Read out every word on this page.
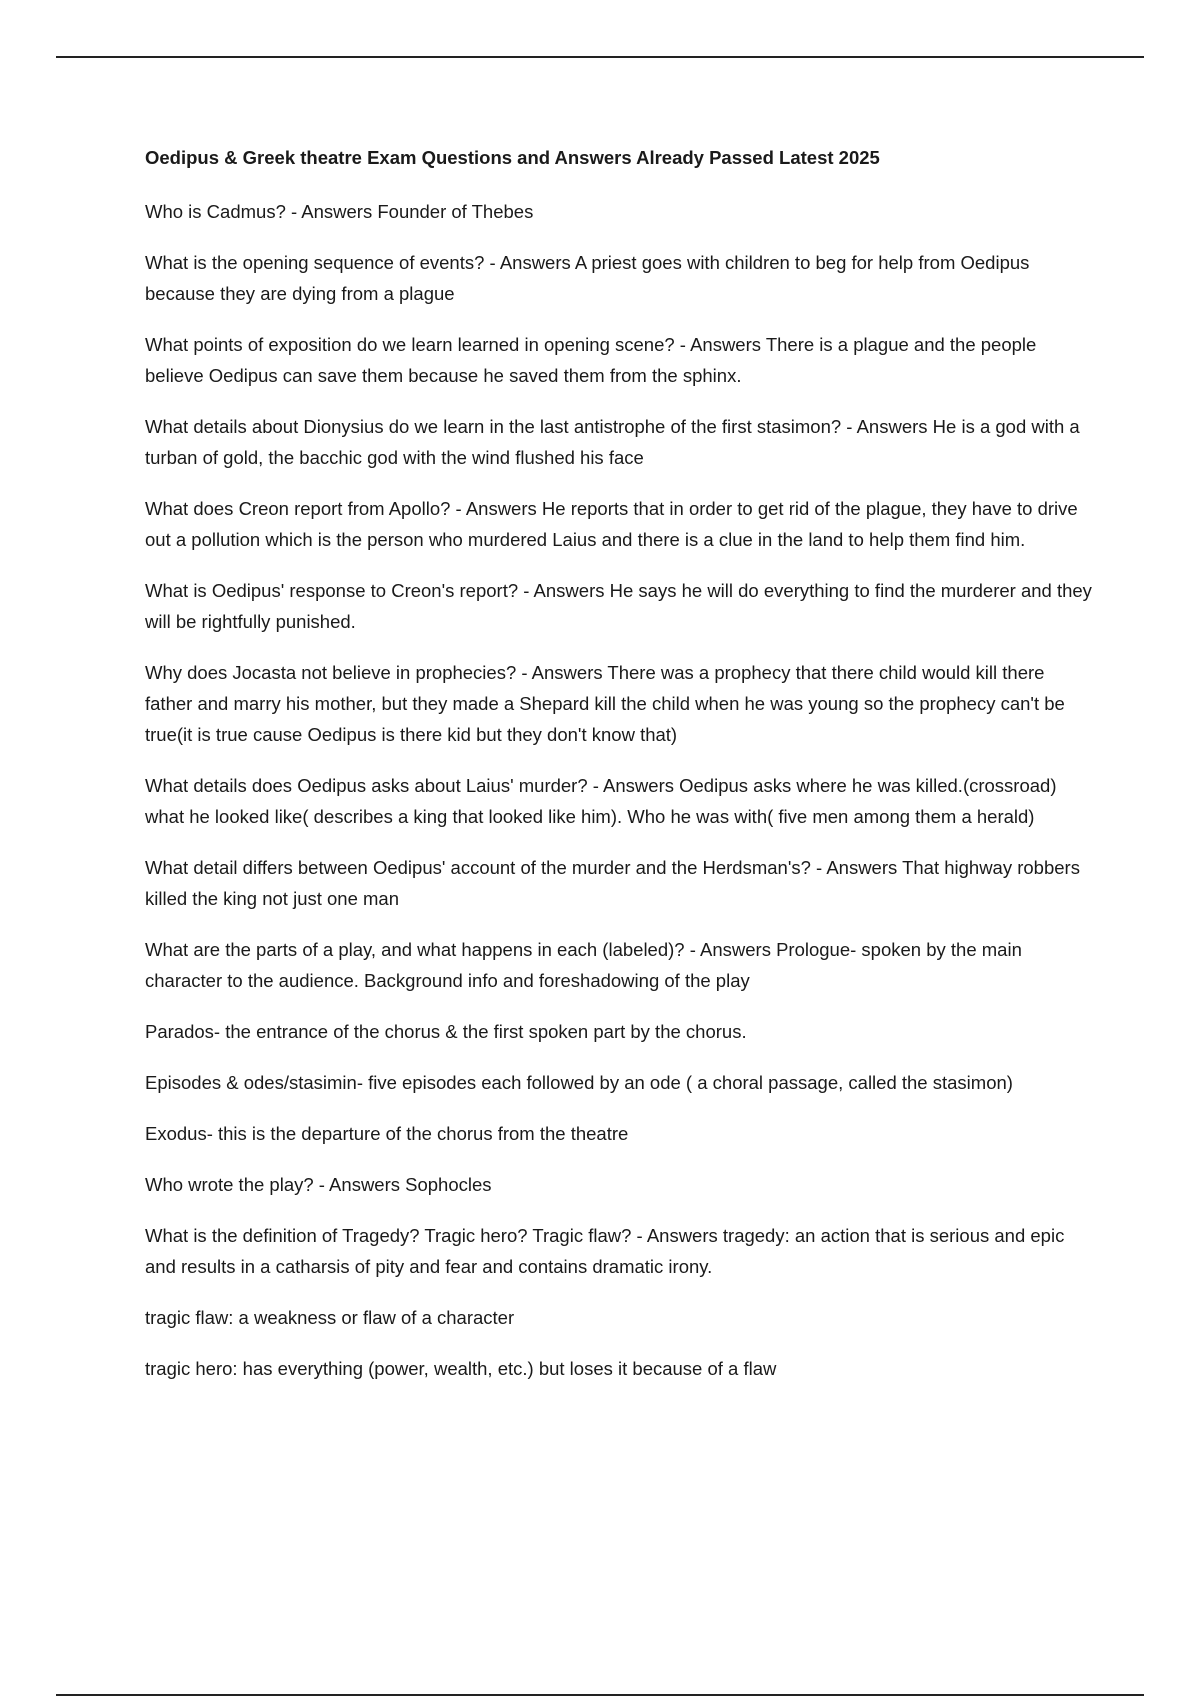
Oedipus & Greek theatre Exam Questions and Answers Already Passed Latest 2025

Who is Cadmus? - Answers Founder of Thebes

What is the opening sequence of events? - Answers A priest goes with children to beg for help from Oedipus because they are dying from a plague

What points of exposition do we learn learned in opening scene? - Answers There is a plague and the people believe Oedipus can save them because he saved them from the sphinx.

What details about Dionysius do we learn in the last antistrophe of the first stasimon? - Answers He is a god with a turban of gold, the bacchic god with the wind flushed his face

What does Creon report from Apollo? - Answers He reports that in order to get rid of the plague, they have to drive out a pollution which is the person who murdered Laius and there is a clue in the land to help them find him.

What is Oedipus' response to Creon's report? - Answers He says he will do everything to find the murderer and they will be rightfully punished.

Why does Jocasta not believe in prophecies? - Answers There was a prophecy that there child would kill there father and marry his mother, but they made a Shepard kill the child when he was young so the prophecy can't be true(it is true cause Oedipus is there kid but they don't know that)

What details does Oedipus asks about Laius' murder? - Answers Oedipus asks where he was killed.(crossroad) what he looked like( describes a king that looked like him). Who he was with( five men among them a herald)

What detail differs between Oedipus' account of the murder and the Herdsman's? - Answers That highway robbers killed the king not just one man

What are the parts of a play, and what happens in each (labeled)? - Answers Prologue- spoken by the main character to the audience. Background info and foreshadowing of the play

Parados- the entrance of the chorus & the first spoken part by the chorus.

Episodes & odes/stasimin- five episodes each followed by an ode ( a choral passage, called the stasimon)

Exodus- this is the departure of the chorus from the theatre

Who wrote the play? - Answers Sophocles

What is the definition of Tragedy? Tragic hero? Tragic flaw? - Answers tragedy: an action that is serious and epic and results in a catharsis of pity and fear and contains dramatic irony.

tragic flaw: a weakness or flaw of a character

tragic hero: has everything (power, wealth, etc.) but loses it because of a flaw
